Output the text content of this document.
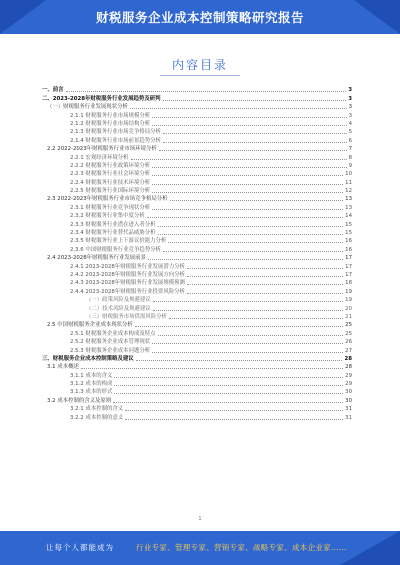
财税服务企业成本控制策略研究报告
内容目录
一、前言	3
二、2023-2028年财税服务行业发展趋势及研判	3
（一）财税服务行业发展现状分析	3
2.1.1 财税服务行业市场规模分析	3
2.1.2 财税服务行业市场结构分析	4
2.1.3 财税服务行业市场竞争格局分析	5
2.1.4 财税服务行业市场前景趋势分析	6
2.2 2022-2023年财税服务行业市场环境分析	7
2.2.1 宏观经济环境分析	8
2.2.2 财税服务行业政策环境分析	9
2.2.3 财税服务行业社会环境分析	10
2.2.4 财税服务行业技术环境分析	11
2.2.5 财税服务行业国际环境分析	12
2.3 2022-2023年财税服务行业市场竞争格局分析	13
2.3.1 财税服务行业竞争现状分析	13
2.3.2 财税服务行业集中度分析	14
2.3.3 财税服务行业潜在进入者分析	15
2.3.4 财税服务行业替代品威胁分析	15
2.3.5 财税服务行业上下游议价能力分析	16
2.3.6 中国财税服务行业竞争趋势分析	16
2.4 2023-2028年财税服务行业发展前景	17
2.4.1 2023-2028年财税服务行业发展潜力分析	17
2.4.2 2023-2028年财税服务行业发展方向分析	17
2.4.3 2023-2028年财税服务行业发展规模预测	18
2.4.4 2023-2028年财税服务行业投资风险分析	19
（一）政策风险及规避建议	19
（二）技术风险及规避建议	20
（三）财税服务市场供需风险分析	21
2.5 中国财税服务企业成本现状分析	25
2.5.1 财税服务企业成本构成及特点	25
2.5.2 财税服务企业成本管理现状	26
2.5.3 财税服务企业成本问题分析	27
三、财税服务企业成本控制策略及建议	28
3.1 成本概述	28
3.1.1 成本的含义	29
3.1.2 成本的构成	29
3.1.3 成本的形式	30
3.2 成本控制的含义及原则	30
3.2.1 成本控制的含义	31
3.2.2 成本控制的意义	31
1
让每个人都能成为	行业专家、管理专家、营销专家、战略专家、成本企业家……
